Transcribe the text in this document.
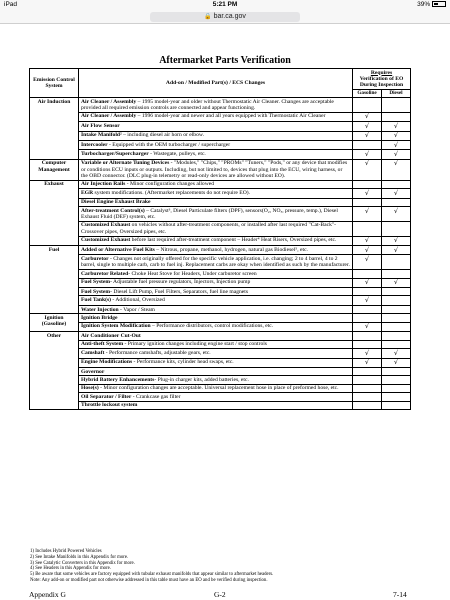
iPad	5:21 PM	39%
🔒 bar.ca.gov
Aftermarket Parts Verification
Emission Control System	Add-on / Modified Part(s) / ECS Changes	Requires
Verification of EO During Inspection	

		Gasoline	Diesel
Air Induction	Air Cleaner / Assembly – 1995 model-year and older without Thermostatic Air Cleaner. Changes are acceptable provided all required emission controls are connected and appear functioning.		
	Air Cleaner / Assembly – 1996 model-year and newer and all years equipped with Thermostatic Air Cleaner	√	
	Air Flow Sensor	√	√
	Intake Manifold² – including diesel air horn or elbow.	√	√
	Intercooler - Equipped with the OEM turbocharger / supercharger		√
	Turbocharger/Supercharger - Wastegate, pulleys, etc.	√	√
Computer Management	Variable or Alternate Tuning Devices - "Modules," "Chips," "PROMs" "Tuners," "Pods," or any device that modifies or conditions ECU inputs or outputs. Including, but not limited to, devices that plug into the ECU, wiring harness, or the OBD connector. (DLC plug-in telemetry or read-only devices are allowed without EO).	√	√
Exhaust	Air Injection Rails - Minor configuration changes allowed		
	EGR system modifications. (Aftermarket replacements do not require EO).	√	√
	Diesel Engine Exhaust Brake		
	After-treatment Control(s) – Catalyst³, Diesel Particulate filters (DPF), sensors(O₂, NOₓ, pressure, temp.), Diesel Exhaust Fluid (DEF) system, etc.	√	√
	Customized Exhaust on vehicles without after-treatment components, or installed after last required "Cat-Back"- Crossover pipes, Oversized pipes, etc.		
	Customized Exhaust before last required after-treatment component – Header⁴ Heat Risers, Oversized pipes, etc.	√	√
Fuel	Added or Alternative Fuel Kits – Nitrous, propane, methanol, hydrogen, natural gas Biodiesel⁵, etc.	√	√
	Carburetor - Changes not originally offered for the specific vehicle application, i.e. changing; 2 to 4 barrel, 4 to 2 barrel, single to multiple carb, carb to fuel inj. Replacement carbs are okay when identified as such by the manufacturer.	√	
	Carburetor Related- Choke Heat Stove for Headers, Under carburetor screen		
	Fuel System- Adjustable fuel pressure regulators, Injectors, Injection pump	√	√
	Fuel System- Diesel Lift Pump, Fuel Filters, Separators, fuel line magnets		
	Fuel Tank(s) - Additional, Oversized	√	
	Water Injection - Vapor / Steam		
Ignition (Gasoline)	Ignition Bridge		
	Ignition System Modification – Performance distributors, control modifications, etc.	√	
Other	Air Conditioner Cut-Out		
	Anti-theft System - Primary ignition changes including engine start / stop controls		
	Camshaft - Performance camshafts, adjustable gears, etc.	√	√
	Engine Modifications - Performance kits, cylinder head swaps, etc.	√	√
	Governor		
	Hybrid Battery Enhancements- Plug-in charger kits, added batteries, etc.		
	Hose(s) - Minor configuration changes are acceptable. Universal replacement hose in place of preformed hose, etc.		
	Oil Separator / Filter - Crankcase gas filter		
	Throttle lockout system		
1) Includes Hybrid Powered Vehicles
2) See Intake Manifolds in this Appendix for more.
3) See Catalytic Converters in this Appendix for more.
4) See Headers in this Appendix for more.
5) Be aware that some vehicles are factory equipped with tubular exhaust manifolds that appear similar to aftermarket headers.
Note: Any add-on or modified part not otherwise addressed in this table must have an EO and be verified during inspection.
Appendix G	G-2	7-14
